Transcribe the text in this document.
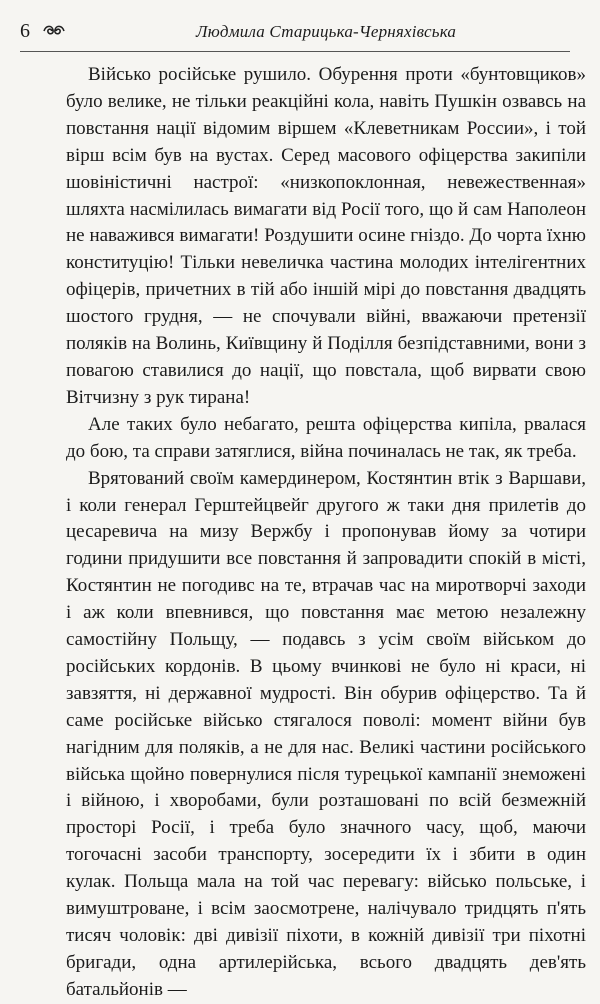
6	Людмила Старицька-Черняхівська

Військо російське рушило. Обурення проти «бунтовщиков» було велике, не тільки реакційні кола, навіть Пушкін озвавсь на повстання нації відомим віршем «Клеветникам России», і той вірш всім був на вустах. Серед масового офіцерства закипіли шовіністичні настрої: «низкопоклонная, невежественная» шляхта насмілилась вимагати від Росії того, що й сам Наполеон не наважився вимагати! Роздушити осине гніздо. До чорта їхню конституцію! Тільки невеличка частина молодих інтелігентних офіцерів, причетних в тій або іншій мірі до повстання двадцять шостого грудня, — не спочували війні, вважаючи претензії поляків на Волинь, Київщину й Поділля безпідставними, вони з повагою ставилися до нації, що повстала, щоб вирвати свою Вітчизну з рук тирана!

Але таких було небагато, решта офіцерства кипіла, рвалася до бою, та справи затяглися, війна починалась не так, як треба.

Врятований своїм камердинером, Костянтин втік з Варшави, і коли генерал Герштейцвейг другого ж таки дня прилетів до цесаревича на мизу Вержбу і пропонував йому за чотири години придушити все повстання й запровадити спокій в місті, Костянтин не погодивс на те, втрачав час на миротворчі заходи і аж коли впевнився, що повстання має метою незалежну самостійну Польщу, — подавсь з усім своїм військом до російських кордонів. В цьому вчинкові не було ні краси, ні завзяття, ні державної мудрості. Він обурив офіцерство. Та й саме російське військо стягалося поволі: момент війни був нагідним для поляків, а не для нас. Великі частини російського війська щойно повернулися після турецької кампанії знеможені і війною, і хворобами, були розташовані по всій безмежній просторі Росії, і треба було значного часу, щоб, маючи тогочасні засоби транспорту, зосередити їх і збити в один кулак. Польща мала на той час перевагу: військо польське, і вимуштроване, і всім заосмотрене, налічувало тридцять п'ять тисяч чоловік: дві дивізії піхоти, в кожній дивізії три піхотні бригади, одна артилерійська, всього двадцять дев'ять батальйонів —
